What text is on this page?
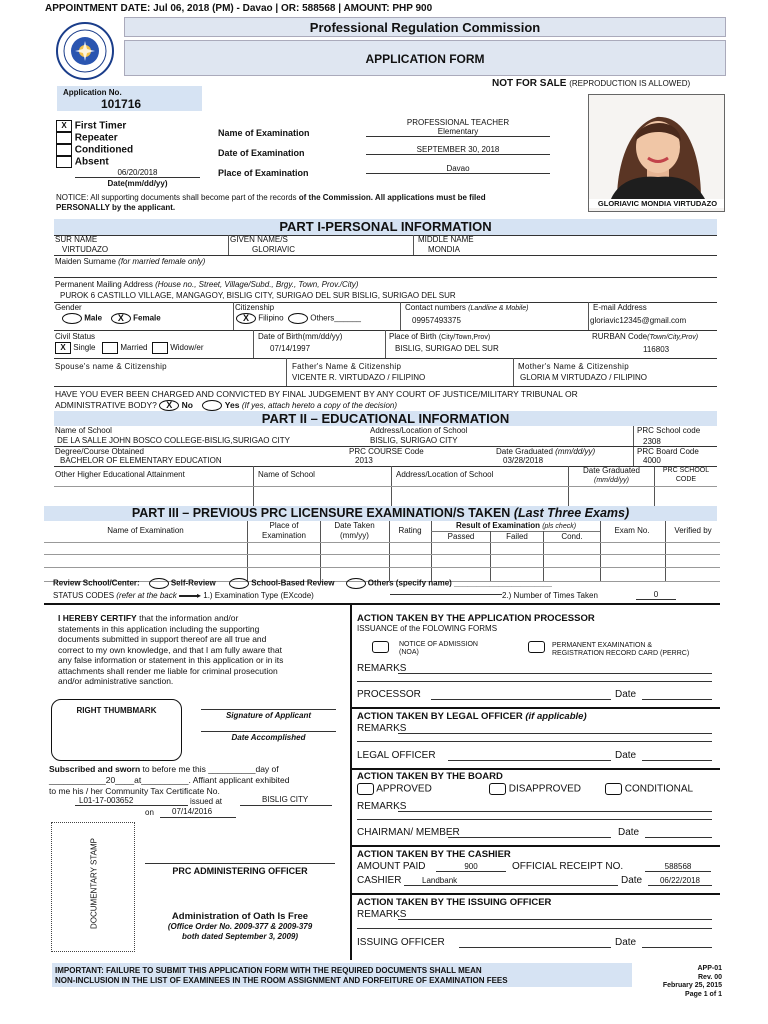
APPOINTMENT DATE: Jul 06, 2018 (PM) - Davao | OR: 588568 | AMOUNT: PHP 900
Professional Regulation Commission
APPLICATION FORM
NOT FOR SALE (REPRODUCTION IS ALLOWED)
Application No.
101716
X First Timer
Repeater
Conditioned
Absent
06/20/2018
Date(mm/dd/yy)
Name of Examination
PROFESSIONAL TEACHER
Elementary
Date of Examination	SEPTEMBER 30, 2018
Place of Examination	Davao
GLORIAVIC MONDIA VIRTUDAZO
NOTICE: All supporting documents shall become part of the records of the Commission. All applications must be filed
PERSONALLY by the applicant.
PART I-PERSONAL INFORMATION
SUR NAME
VIRTUDAZO
GIVEN NAME/S
GLORIAVIC
MIDDLE NAME
MONDIA
Maiden Surname (for married female only)
Permanent Mailing Address (House no., Street, Village/Subd., Brgy., Town, Prov./City)
PUROK 6 CASTILLO VILLAGE, MANGAGOY, BISLIG CITY, SURIGAO DEL SUR BISLIG, SURIGAO DEL SUR
Gender
Male X Female
Citizenship
X Filipino	Others______
Contact numbers (Landline & Mobile)
09957493375
E-mail Address
gloriavic12345@gmail.com
Civil Status
X Single	Married	Widow/er
Date of Birth(mm/dd/yy)
07/14/1997
Place of Birth (City/Town,Prov)
BISLIG, SURIGAO DEL SUR
RURBAN Code(Town/City,Prov)
116803
Spouse's name & Citizenship	Father's Name & Citizenship
VICENTE R. VIRTUDAZO / FILIPINO
Mother's Name & Citizenship
GLORIA M VIRTUDAZO / FILIPINO
HAVE YOU EVER BEEN CHARGED AND CONVICTED BY FINAL JUDGEMENT BY ANY COURT OF JUSTICE/MILITARY TRIBUNAL OR
ADMINISTRATIVE BODY? X No	Yes (If yes, attach hereto a copy of the decision)
PART II – EDUCATIONAL INFORMATION
Name of School
DE LA SALLE JOHN BOSCO COLLEGE-BISLIG,SURIGAO CITY
Address/Location of School
BISLIG, SURIGAO CITY
PRC School code
2308
Degree/Course Obtained
BACHELOR OF ELEMENTARY EDUCATION
PRC COURSE Code
2013
Date Graduated (mm/dd/yy)
03/28/2018
PRC Board Code
4000
Other Higher Educational Attainment	Name of School	Address/Location of School	Date Graduated
(mm/dd/yy)
PRC SCHOOL
CODE
PART III – PREVIOUS PRC LICENSURE EXAMINATION/S TAKEN (Last Three Exams)
Name of Examination
Place of Examination
Date Taken (mm/yy)
Rating
Result of Examination (pls check)
Passed	Failed	Cond.
Exam No.	Verified by
Review School/Center:	Self-Review	School-Based Review	Others (specify name) ______________________
STATUS CODES (refer at the back	▸ 1.) Examination Type (EXcode)	2.) Number of Times Taken	0
I HEREBY CERTIFY that the information and/or
statements in this application including the supporting
documents submitted in support thereof are all true and
correct to my own knowledge, and that I am fully aware that
any false information or statement in this application or in its
attachments shall render me liable for criminal prosecution
and/or administrative sanction.
RIGHT THUMBMARK
Signature of Applicant
Date Accomplished
Subscribed and sworn to before me this __________day of
____________20____at__________. Affiant applicant exhibited
to me his / her Community Tax Certificate No.
L01-17-003652	issued at	BISLIG CITY
on 07/14/2016
DOCUMENTARY STAMP	PRC ADMINISTERING OFFICER
Administration of Oath Is Free
(Office Order No. 2009-377 & 2009-379
both dated September 3, 2009)
ACTION TAKEN BY THE APPLICATION PROCESSOR
ISSUANCE of the FOLOWING FORMS
NOTICE OF ADMISSION
(NOA)
PERMANENT EXAMINATION &
REGISTRATION RECORD CARD (PERRC)
REMARKS
PROCESSOR	Date
ACTION TAKEN BY LEGAL OFFICER (if applicable)
REMARKS
LEGAL OFFICER	Date
ACTION TAKEN BY THE BOARD
APPROVED	DISAPPROVED	CONDITIONAL
REMARKS
CHAIRMAN/ MEMBER	Date
ACTION TAKEN BY THE CASHIER
AMOUNT PAID	900	OFFICIAL RECEIPT NO.	588568
CASHIER	Landbank	Date	06/22/2018
ACTION TAKEN BY THE ISSUING OFFICER
REMARKS
ISSUING OFFICER	Date
IMPORTANT: FAILURE TO SUBMIT THIS APPLICATION FORM WITH THE REQUIRED DOCUMENTS SHALL MEAN
NON-INCLUSION IN THE LIST OF EXAMINEES IN THE ROOM ASSIGNMENT AND FORFEITURE OF EXAMINATION FEES
APP-01
Rev. 00
February 25, 2015
Page 1 of 1
